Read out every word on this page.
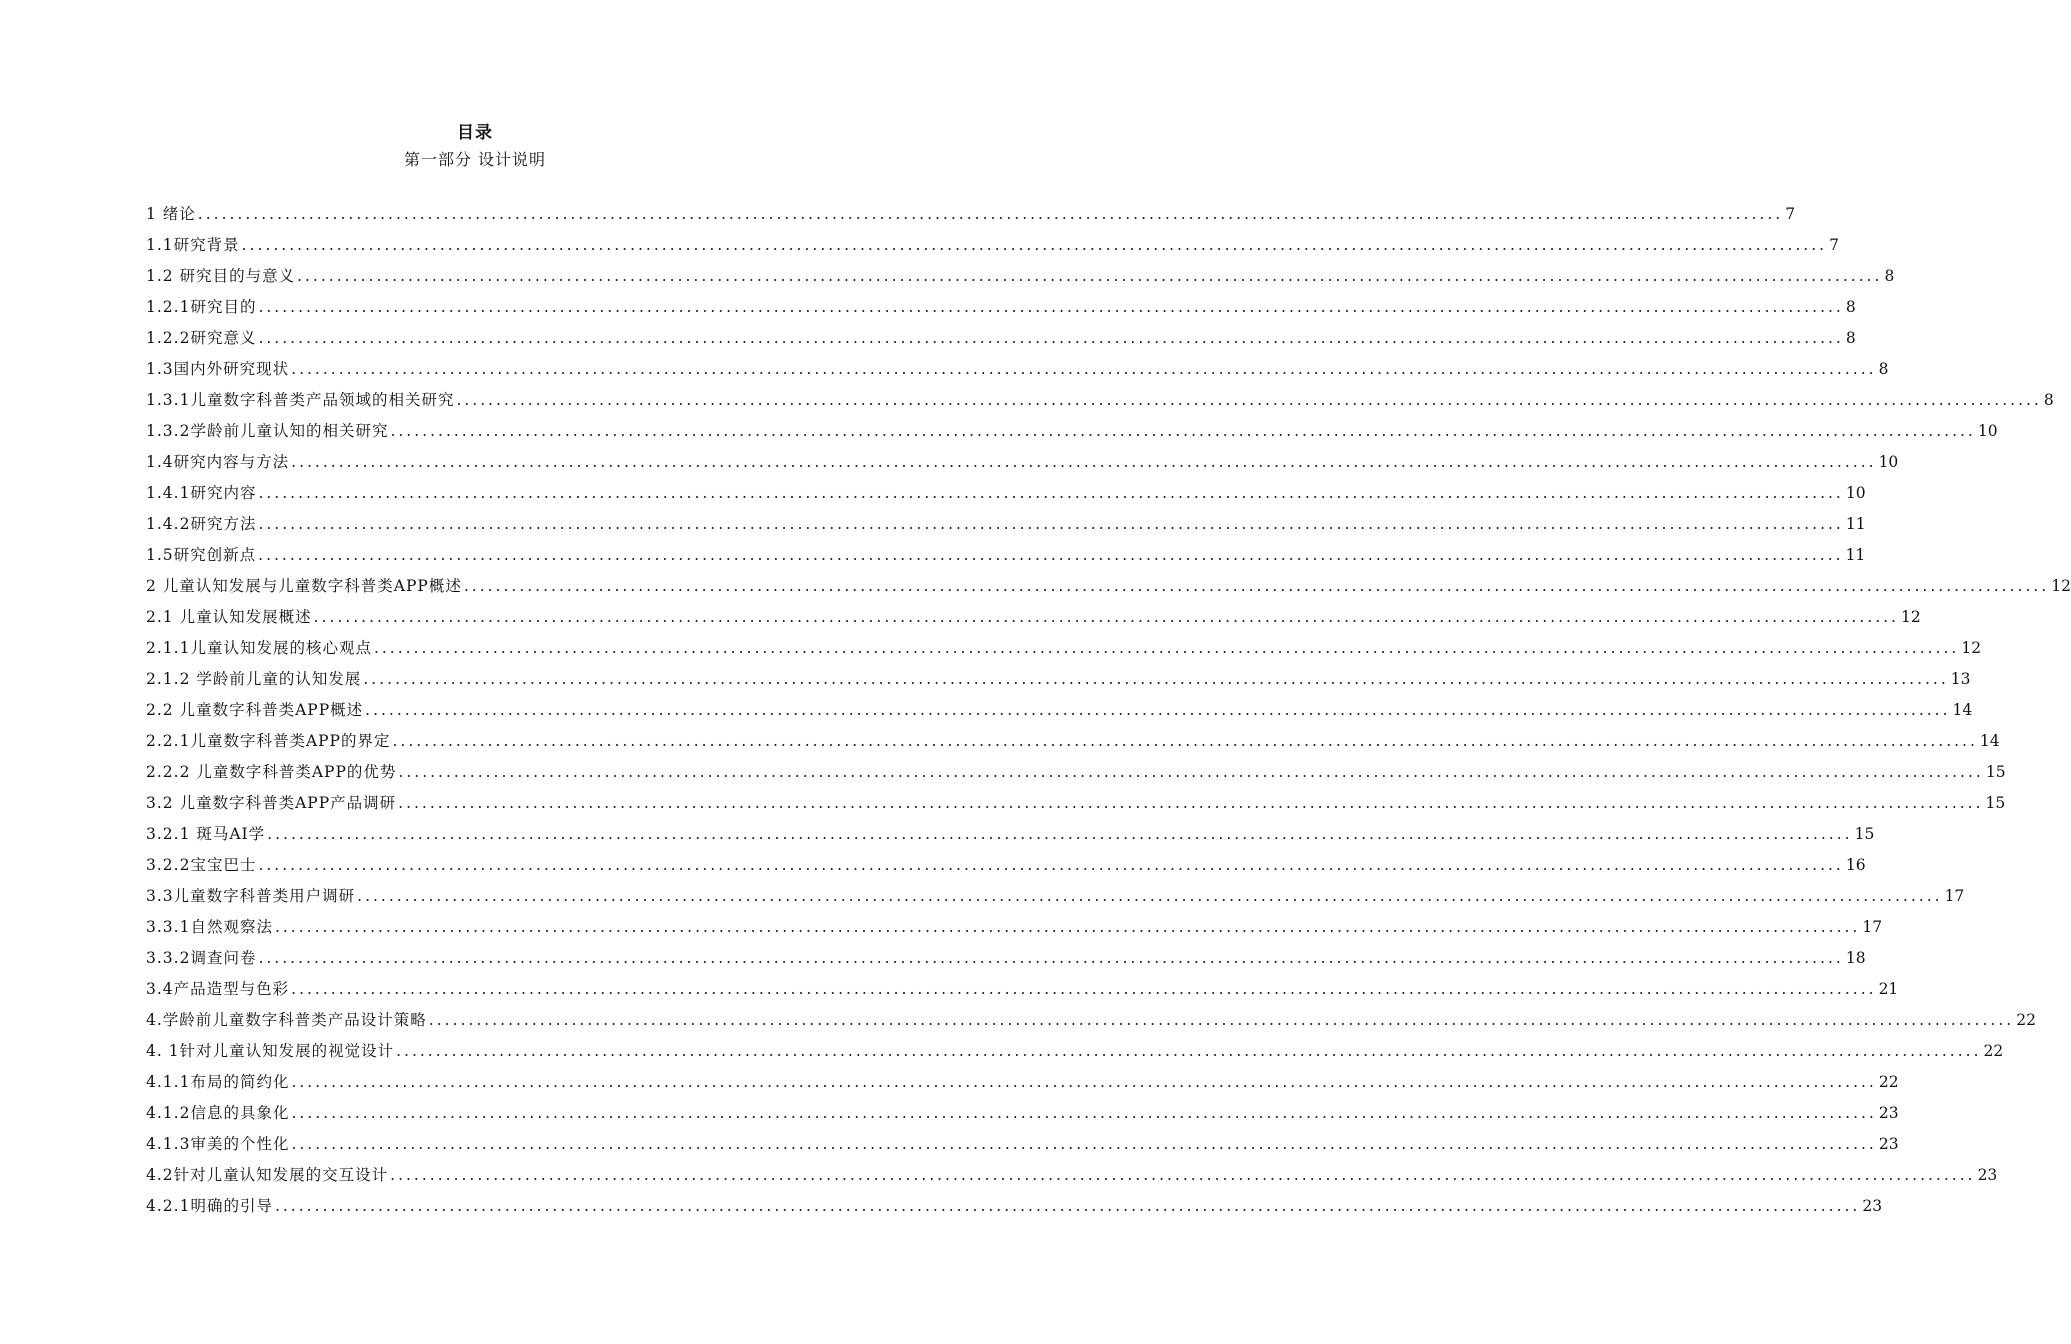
目录
第一部分 设计说明
1 绪论 ........................................................................................................................................................................................................ 7
1.1研究背景 ........................................................................................................................................................................................................ 7
1.2 研究目的与意义 ........................................................................................................................................................................................................ 8
1.2.1研究目的 ........................................................................................................................................................................................................ 8
1.2.2研究意义 ........................................................................................................................................................................................................ 8
1.3国内外研究现状 ........................................................................................................................................................................................................ 8
1.3.1儿童数字科普类产品领域的相关研究 ........................................................................................................................................................................................................ 8
1.3.2学龄前儿童认知的相关研究 ........................................................................................................................................................................................................ 10
1.4研究内容与方法 ........................................................................................................................................................................................................ 10
1.4.1研究内容 ........................................................................................................................................................................................................ 10
1.4.2研究方法 ........................................................................................................................................................................................................ 11
1.5研究创新点 ........................................................................................................................................................................................................ 11
2 儿童认知发展与儿童数字科普类APP概述 ........................................................................................................................................................................................................ 12
2.1 儿童认知发展概述 ........................................................................................................................................................................................................ 12
2.1.1儿童认知发展的核心观点 ........................................................................................................................................................................................................ 12
2.1.2 学龄前儿童的认知发展 ........................................................................................................................................................................................................ 13
2.2 儿童数字科普类APP概述 ........................................................................................................................................................................................................ 14
2.2.1儿童数字科普类APP的界定 ........................................................................................................................................................................................................ 14
2.2.2 儿童数字科普类APP的优势 ........................................................................................................................................................................................................ 15
3.2 儿童数字科普类APP产品调研 ........................................................................................................................................................................................................ 15
3.2.1 斑马AI学 ........................................................................................................................................................................................................ 15
3.2.2宝宝巴士 ........................................................................................................................................................................................................ 16
3.3儿童数字科普类用户调研 ........................................................................................................................................................................................................ 17
3.3.1自然观察法 ........................................................................................................................................................................................................ 17
3.3.2调查问卷 ........................................................................................................................................................................................................ 18
3.4产品造型与色彩 ........................................................................................................................................................................................................ 21
4.学龄前儿童数字科普类产品设计策略 ........................................................................................................................................................................................................ 22
4. 1针对儿童认知发展的视觉设计 ........................................................................................................................................................................................................ 22
4.1.1布局的简约化 ........................................................................................................................................................................................................ 22
4.1.2信息的具象化 ........................................................................................................................................................................................................ 23
4.1.3审美的个性化 ........................................................................................................................................................................................................ 23
4.2针对儿童认知发展的交互设计 ........................................................................................................................................................................................................ 23
4.2.1明确的引导 ........................................................................................................................................................................................................ 23
